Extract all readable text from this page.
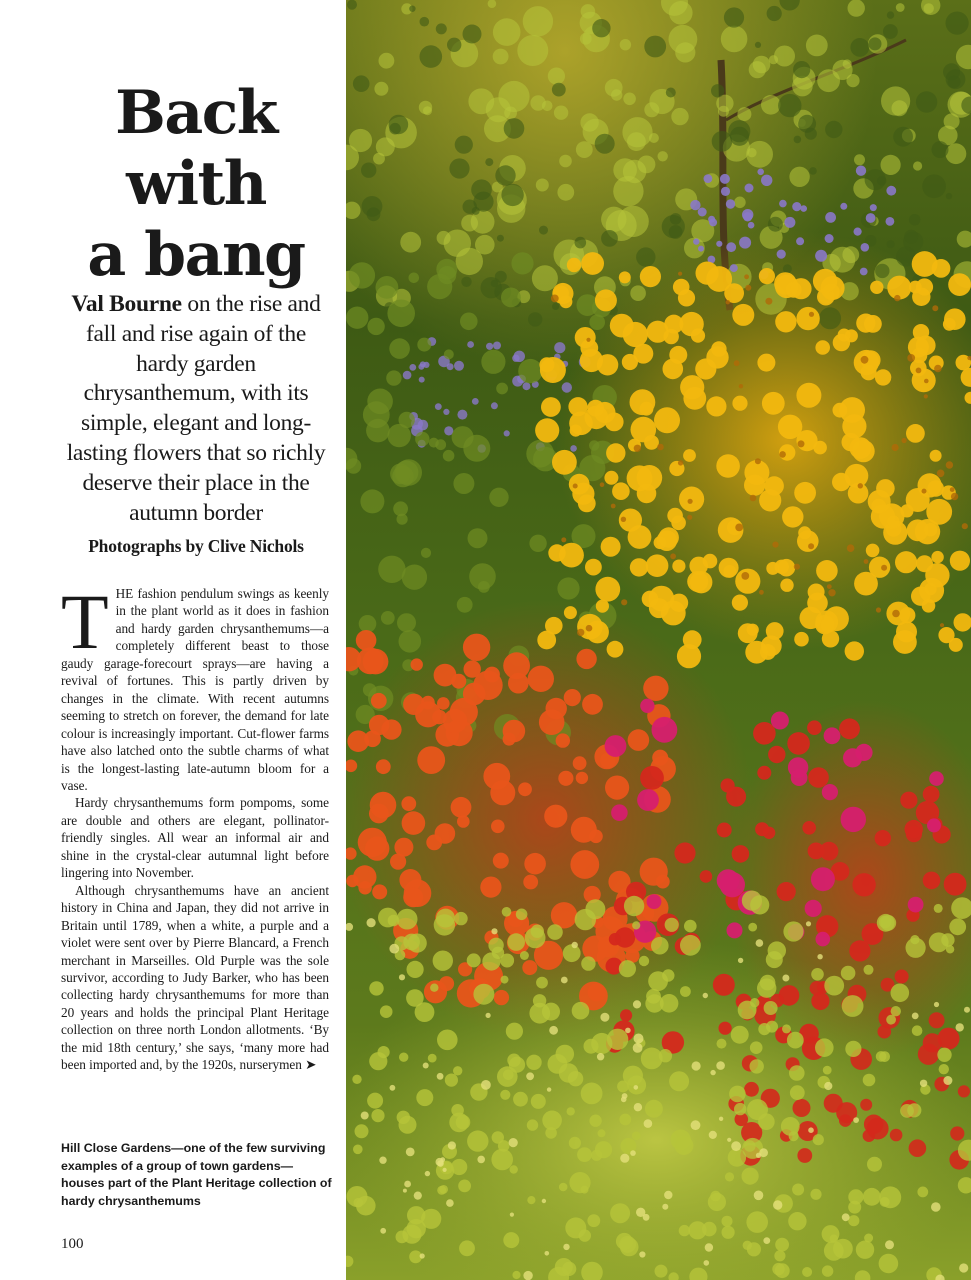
Back
with
a bang

Val Bourne on the rise and fall and rise again of the hardy garden chrysanthemum, with its simple, elegant and long-lasting flowers that so richly deserve their place in the autumn border

Photographs by Clive Nichols

THE fashion pendulum swings as keenly in the plant world as it does in fashion and hardy garden chrysanthemums—a completely different beast to those gaudy garage-forecourt sprays—are having a revival of fortunes. This is partly driven by changes in the climate. With recent autumns seeming to stretch on forever, the demand for late colour is increasingly important. Cut-flower farms have also latched onto the subtle charms of what is the longest-lasting late-autumn bloom for a vase.

Hardy chrysanthemums form pompoms, some are double and others are elegant, pollinator-friendly singles. All wear an informal air and shine in the crystal-clear autumnal light before lingering into November.

Although chrysanthemums have an ancient history in China and Japan, they did not arrive in Britain until 1789, when a white, a purple and a violet were sent over by Pierre Blancard, a French merchant in Marseilles. Old Purple was the sole survivor, according to Judy Barker, who has been collecting hardy chrysanthemums for more than 20 years and holds the principal Plant Heritage collection on three north London allotments. ‘By the mid 18th century,’ she says, ‘many more had been imported and, by the 1920s, nurserymen ➤

Hill Close Gardens—one of the few surviving examples of a group of town gardens—houses part of the Plant Heritage collection of hardy chrysanthemums

100
